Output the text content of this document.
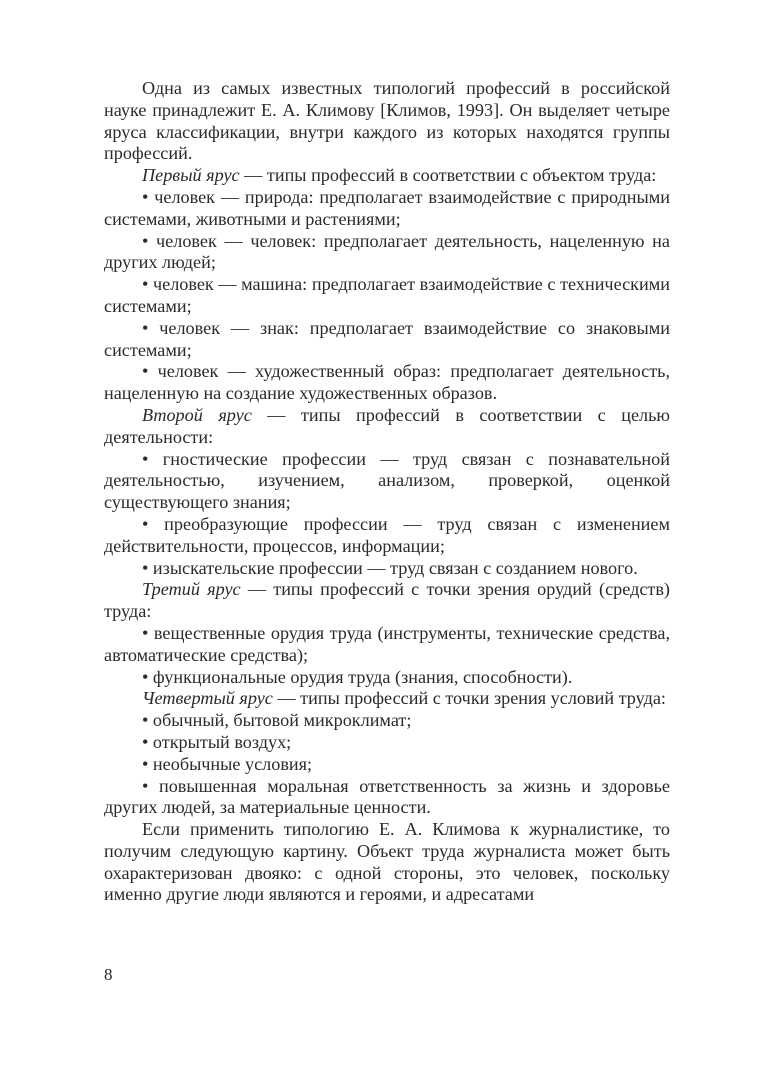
Одна из самых известных типологий профессий в российской науке принадлежит Е. А. Климову [Климов, 1993]. Он выделяет четыре яруса классификации, внутри каждого из которых находятся группы профессий.

Первый ярус — типы профессий в соответствии с объектом труда:

• человек — природа: предполагает взаимодействие с природными системами, животными и растениями;

• человек — человек: предполагает деятельность, нацеленную на других людей;

• человек — машина: предполагает взаимодействие с техническими системами;

• человек — знак: предполагает взаимодействие со знаковыми системами;

• человек — художественный образ: предполагает деятельность, нацеленную на создание художественных образов.

Второй ярус — типы профессий в соответствии с целью деятельности:

• гностические профессии — труд связан с познавательной деятельностью, изучением, анализом, проверкой, оценкой существующего знания;

• преобразующие профессии — труд связан с изменением действительности, процессов, информации;

• изыскательские профессии — труд связан с созданием нового.

Третий ярус — типы профессий с точки зрения орудий (средств) труда:

• вещественные орудия труда (инструменты, технические средства, автоматические средства);

• функциональные орудия труда (знания, способности).

Четвертый ярус — типы профессий с точки зрения условий труда:

• обычный, бытовой микроклимат;

• открытый воздух;

• необычные условия;

• повышенная моральная ответственность за жизнь и здоровье других людей, за материальные ценности.

Если применить типологию Е. А. Климова к журналистике, то получим следующую картину. Объект труда журналиста может быть охарактеризован двояко: с одной стороны, это человек, поскольку именно другие люди являются и героями, и адресатами

8
